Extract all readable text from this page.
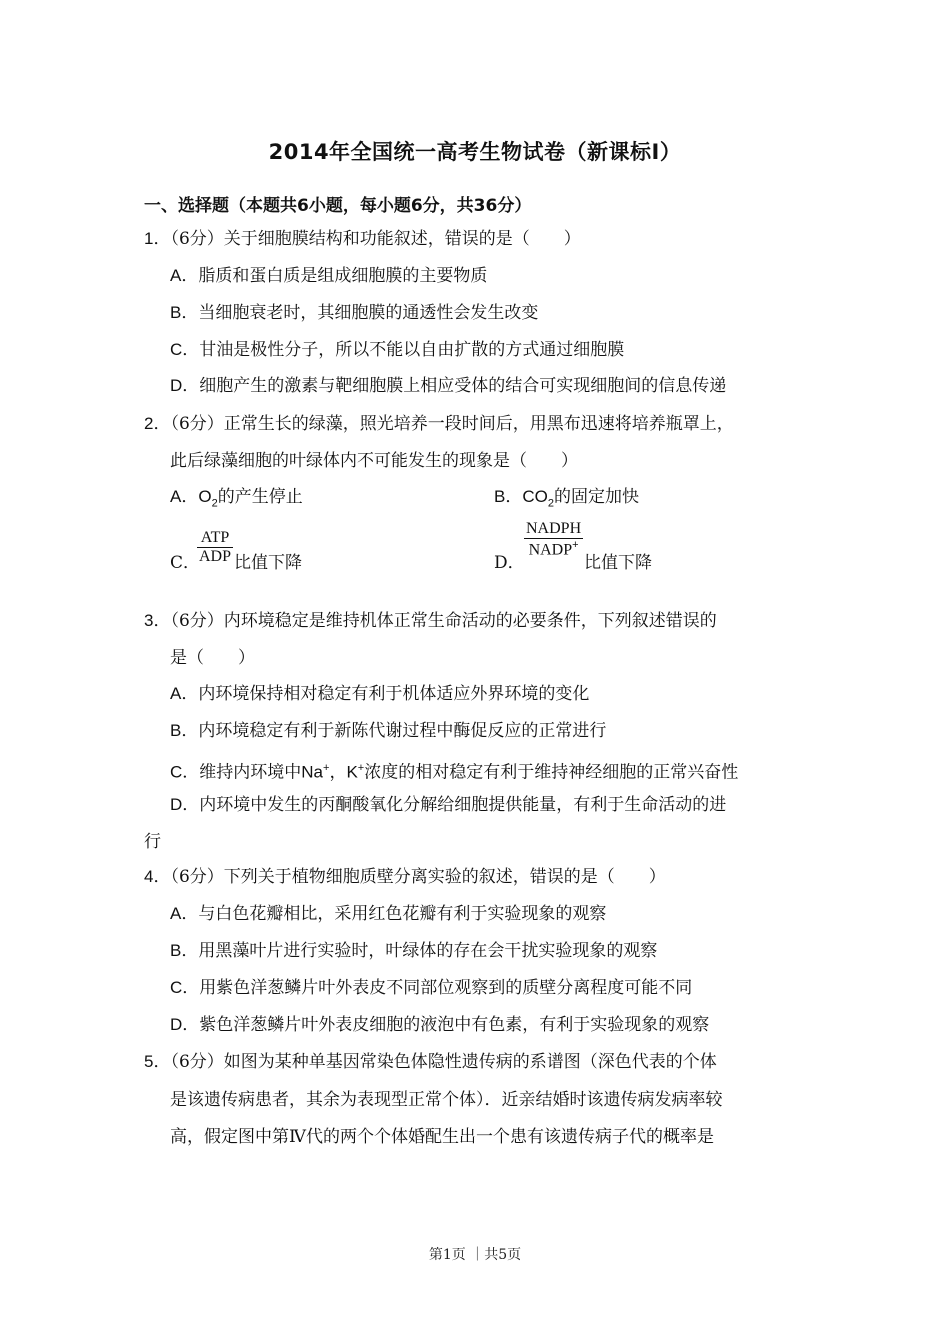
2014年全国统一高考生物试卷（新课标Ⅰ）
一、选择题（本题共6小题，每小题6分，共36分）
1．（6分）关于细胞膜结构和功能叙述，错误的是（　　）
A．脂质和蛋白质是组成细胞膜的主要物质
B．当细胞衰老时，其细胞膜的通透性会发生改变
C．甘油是极性分子，所以不能以自由扩散的方式通过细胞膜
D．细胞产生的激素与靶细胞膜上相应受体的结合可实现细胞间的信息传递
2．（6分）正常生长的绿藻，照光培养一段时间后，用黑布迅速将培养瓶罩上，
此后绿藻细胞的叶绿体内不可能发生的现象是（　　）
A．$O_2$的产生停止	B．$CO_2$的固定加快
C．
ATP
ADP 比值下降	D．
NADPH
NADP+
比值下降
3．（6分）内环境稳定是维持机体正常生命活动的必要条件，下列叙述错误的
是（　　）
A．内环境保持相对稳定有利于机体适应外界环境的变化
B．内环境稳定有利于新陈代谢过程中酶促反应的正常进行
C．维持内环境中Na+，K+浓度的相对稳定有利于维持神经细胞的正常兴奋性
D．内环境中发生的丙酮酸氧化分解给细胞提供能量，有利于生命活动的进
行
4．（6分）下列关于植物细胞质壁分离实验的叙述，错误的是（　　）
A．与白色花瓣相比，采用红色花瓣有利于实验现象的观察
B．用黑藻叶片进行实验时，叶绿体的存在会干扰实验现象的观察
C．用紫色洋葱鳞片叶外表皮不同部位观察到的质壁分离程度可能不同
D．紫色洋葱鳞片叶外表皮细胞的液泡中有色素，有利于实验现象的观察
5．（6分）如图为某种单基因常染色体隐性遗传病的系谱图（深色代表的个体
是该遗传病患者，其余为表现型正常个体）．近亲结婚时该遗传病发病率较
高，假定图中第Ⅳ代的两个个体婚配生出一个患有该遗传病子代的概率是
第1页 ｜共5页
